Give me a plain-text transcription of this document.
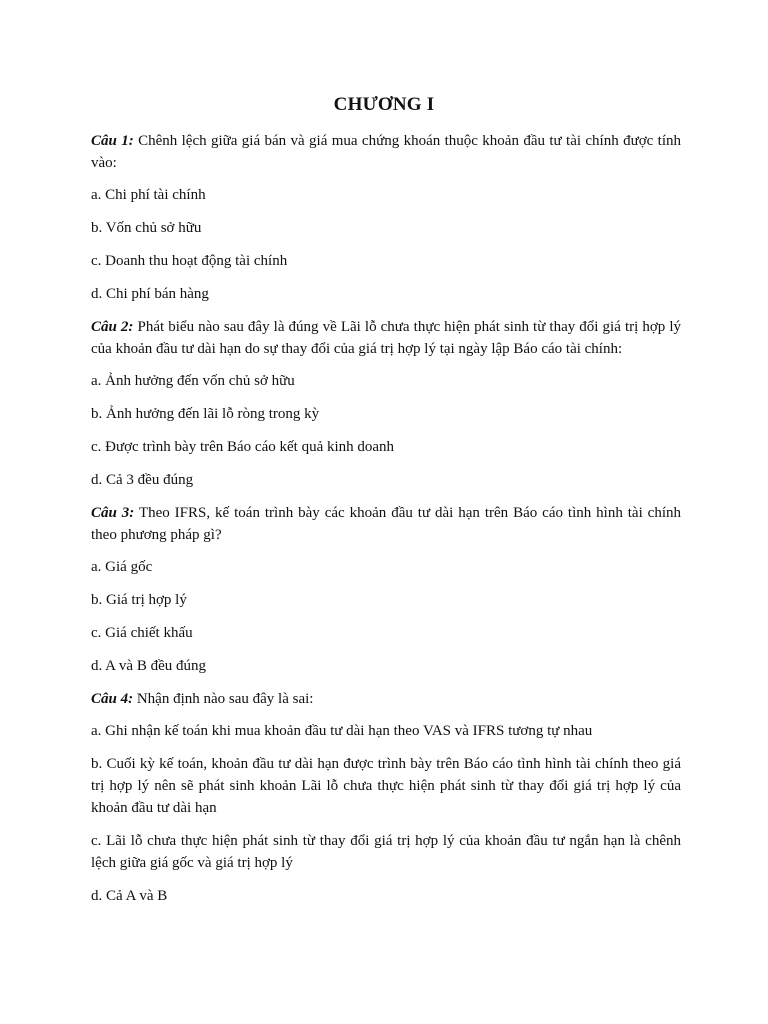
CHƯƠNG I

Câu 1: Chênh lệch giữa giá bán và giá mua chứng khoán thuộc khoản đầu tư tài chính được tính vào:

a. Chi phí tài chính

b. Vốn chủ sở hữu

c. Doanh thu hoạt động tài chính

d. Chi phí bán hàng

Câu 2: Phát biểu nào sau đây là đúng về Lãi lỗ chưa thực hiện phát sinh từ thay đổi giá trị hợp lý của khoản đầu tư dài hạn do sự thay đổi của giá trị hợp lý tại ngày lập Báo cáo tài chính:

a. Ảnh hưởng đến vốn chủ sở hữu

b. Ảnh hưởng đến lãi lỗ ròng trong kỳ

c. Được trình bày trên Báo cáo kết quả kinh doanh

d. Cả 3 đều đúng

Câu 3: Theo IFRS, kế toán trình bày các khoản đầu tư dài hạn trên Báo cáo tình hình tài chính theo phương pháp gì?

a. Giá gốc

b. Giá trị hợp lý

c. Giá chiết khấu

d. A và B đều đúng

Câu 4: Nhận định nào sau đây là sai:

a. Ghi nhận kế toán khi mua khoản đầu tư dài hạn theo VAS và IFRS tương tự nhau

b. Cuối kỳ kế toán, khoản đầu tư dài hạn được trình bày trên Báo cáo tình hình tài chính theo giá trị hợp lý nên sẽ phát sinh khoản Lãi lỗ chưa thực hiện phát sinh từ thay đổi giá trị hợp lý của khoản đầu tư dài hạn

c. Lãi lỗ chưa thực hiện phát sinh từ thay đổi giá trị hợp lý của khoản đầu tư ngắn hạn là chênh lệch giữa giá gốc và giá trị hợp lý

d. Cả A và B
